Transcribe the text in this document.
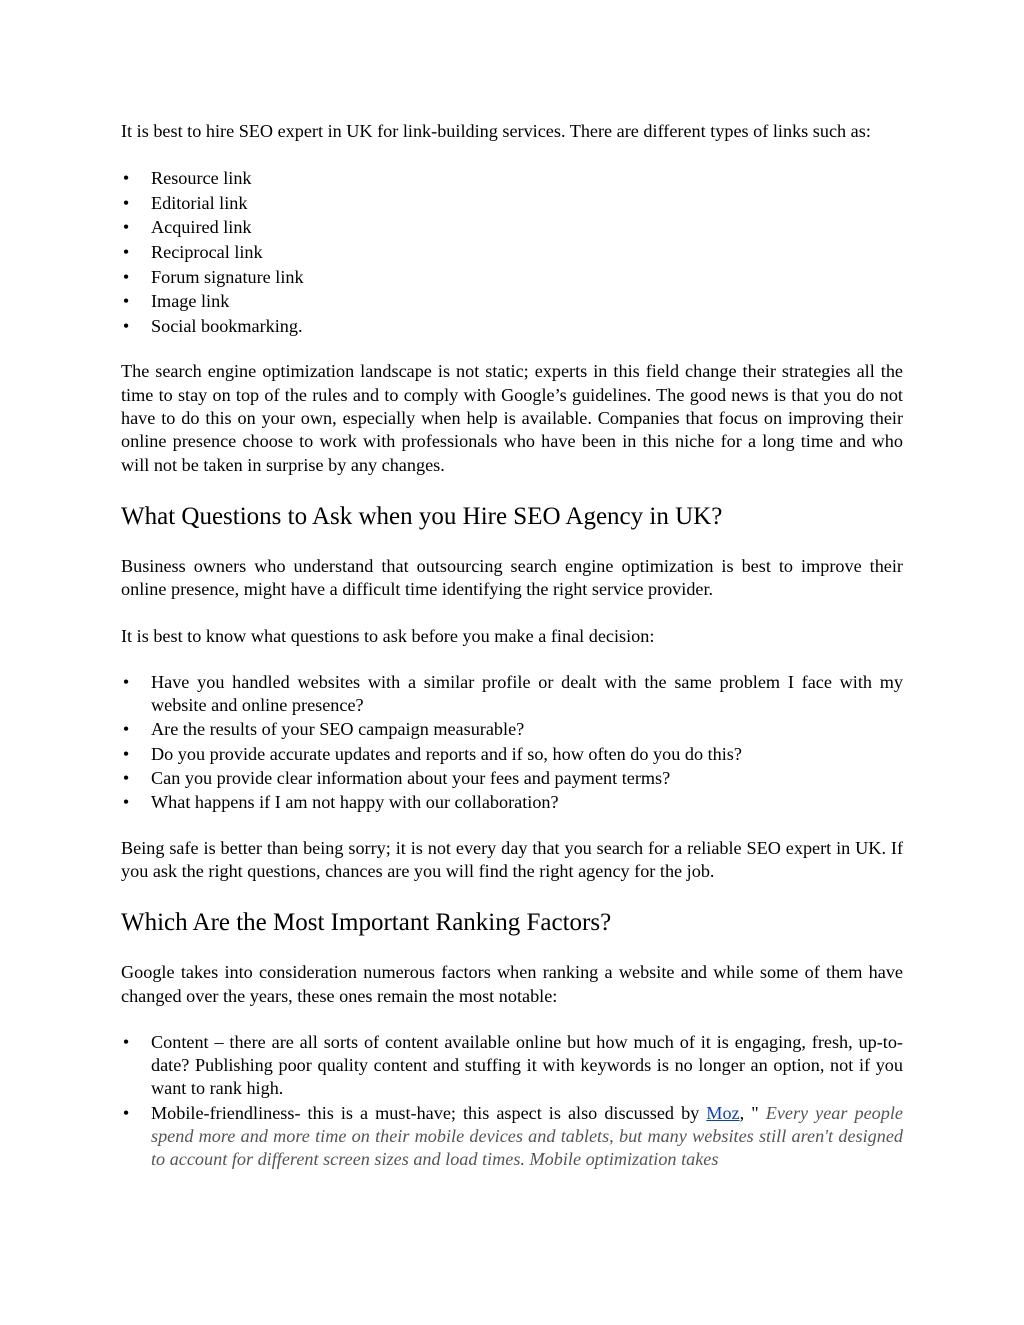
It is best to hire SEO expert in UK for link-building services. There are different types of links such as:

• Resource link
• Editorial link
• Acquired link
• Reciprocal link
• Forum signature link
• Image link
• Social bookmarking.

The search engine optimization landscape is not static; experts in this field change their strategies all the time to stay on top of the rules and to comply with Google’s guidelines. The good news is that you do not have to do this on your own, especially when help is available. Companies that focus on improving their online presence choose to work with professionals who have been in this niche for a long time and who will not be taken in surprise by any changes.

What Questions to Ask when you Hire SEO Agency in UK?

Business owners who understand that outsourcing search engine optimization is best to improve their online presence, might have a difficult time identifying the right service provider.

It is best to know what questions to ask before you make a final decision:

• Have you handled websites with a similar profile or dealt with the same problem I face with my website and online presence?
• Are the results of your SEO campaign measurable?
• Do you provide accurate updates and reports and if so, how often do you do this?
• Can you provide clear information about your fees and payment terms?
• What happens if I am not happy with our collaboration?

Being safe is better than being sorry; it is not every day that you search for a reliable SEO expert in UK. If you ask the right questions, chances are you will find the right agency for the job.

Which Are the Most Important Ranking Factors?

Google takes into consideration numerous factors when ranking a website and while some of them have changed over the years, these ones remain the most notable:

• Content – there are all sorts of content available online but how much of it is engaging, fresh, up-to-date? Publishing poor quality content and stuffing it with keywords is no longer an option, not if you want to rank high.
• Mobile-friendliness- this is a must-have; this aspect is also discussed by Moz, " Every year people spend more and more time on their mobile devices and tablets, but many websites still aren't designed to account for different screen sizes and load times. Mobile optimization takes
